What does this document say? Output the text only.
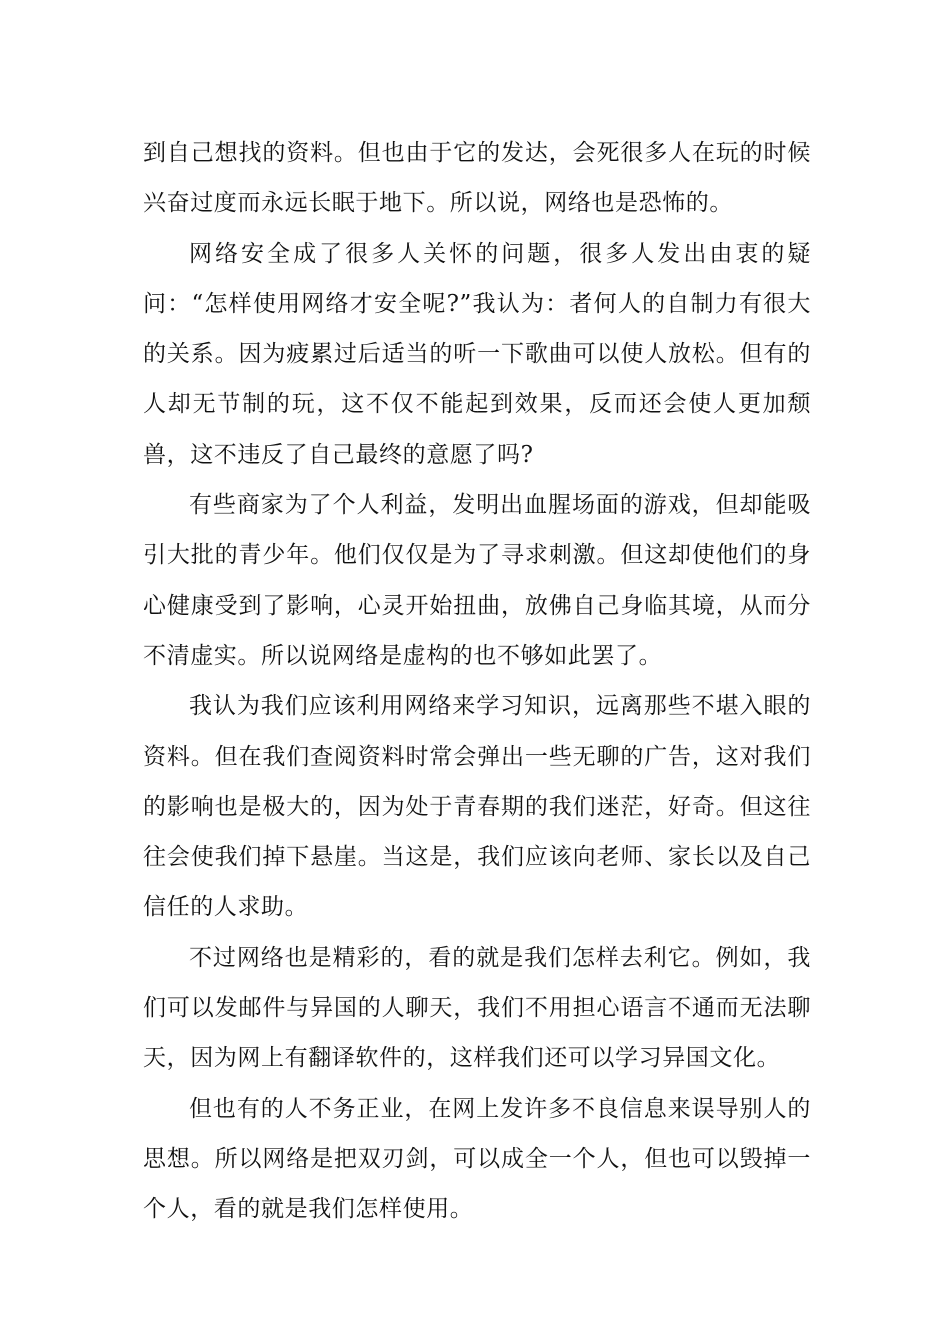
到自己想找的资料。但也由于它的发达，会死很多人在玩的时候兴奋过度而永远长眠于地下。所以说，网络也是恐怖的。

网络安全成了很多人关怀的问题，很多人发出由衷的疑问：“怎样使用网络才安全呢?”我认为：者何人的自制力有很大的关系。因为疲累过后适当的听一下歌曲可以使人放松。但有的人却无节制的玩，这不仅不能起到效果，反而还会使人更加颓兽，这不违反了自己最终的意愿了吗?

有些商家为了个人利益，发明出血腥场面的游戏，但却能吸引大批的青少年。他们仅仅是为了寻求刺激。但这却使他们的身心健康受到了影响，心灵开始扭曲，放佛自己身临其境，从而分不清虚实。所以说网络是虚构的也不够如此罢了。

我认为我们应该利用网络来学习知识，远离那些不堪入眼的资料。但在我们查阅资料时常会弹出一些无聊的广告，这对我们的影响也是极大的，因为处于青春期的我们迷茫，好奇。但这往往会使我们掉下悬崖。当这是，我们应该向老师、家长以及自己信任的人求助。

不过网络也是精彩的，看的就是我们怎样去利它。例如，我们可以发邮件与异国的人聊天，我们不用担心语言不通而无法聊天，因为网上有翻译软件的，这样我们还可以学习异国文化。

但也有的人不务正业，在网上发许多不良信息来误导别人的思想。所以网络是把双刃剑，可以成全一个人，但也可以毁掉一个人，看的就是我们怎样使用。
